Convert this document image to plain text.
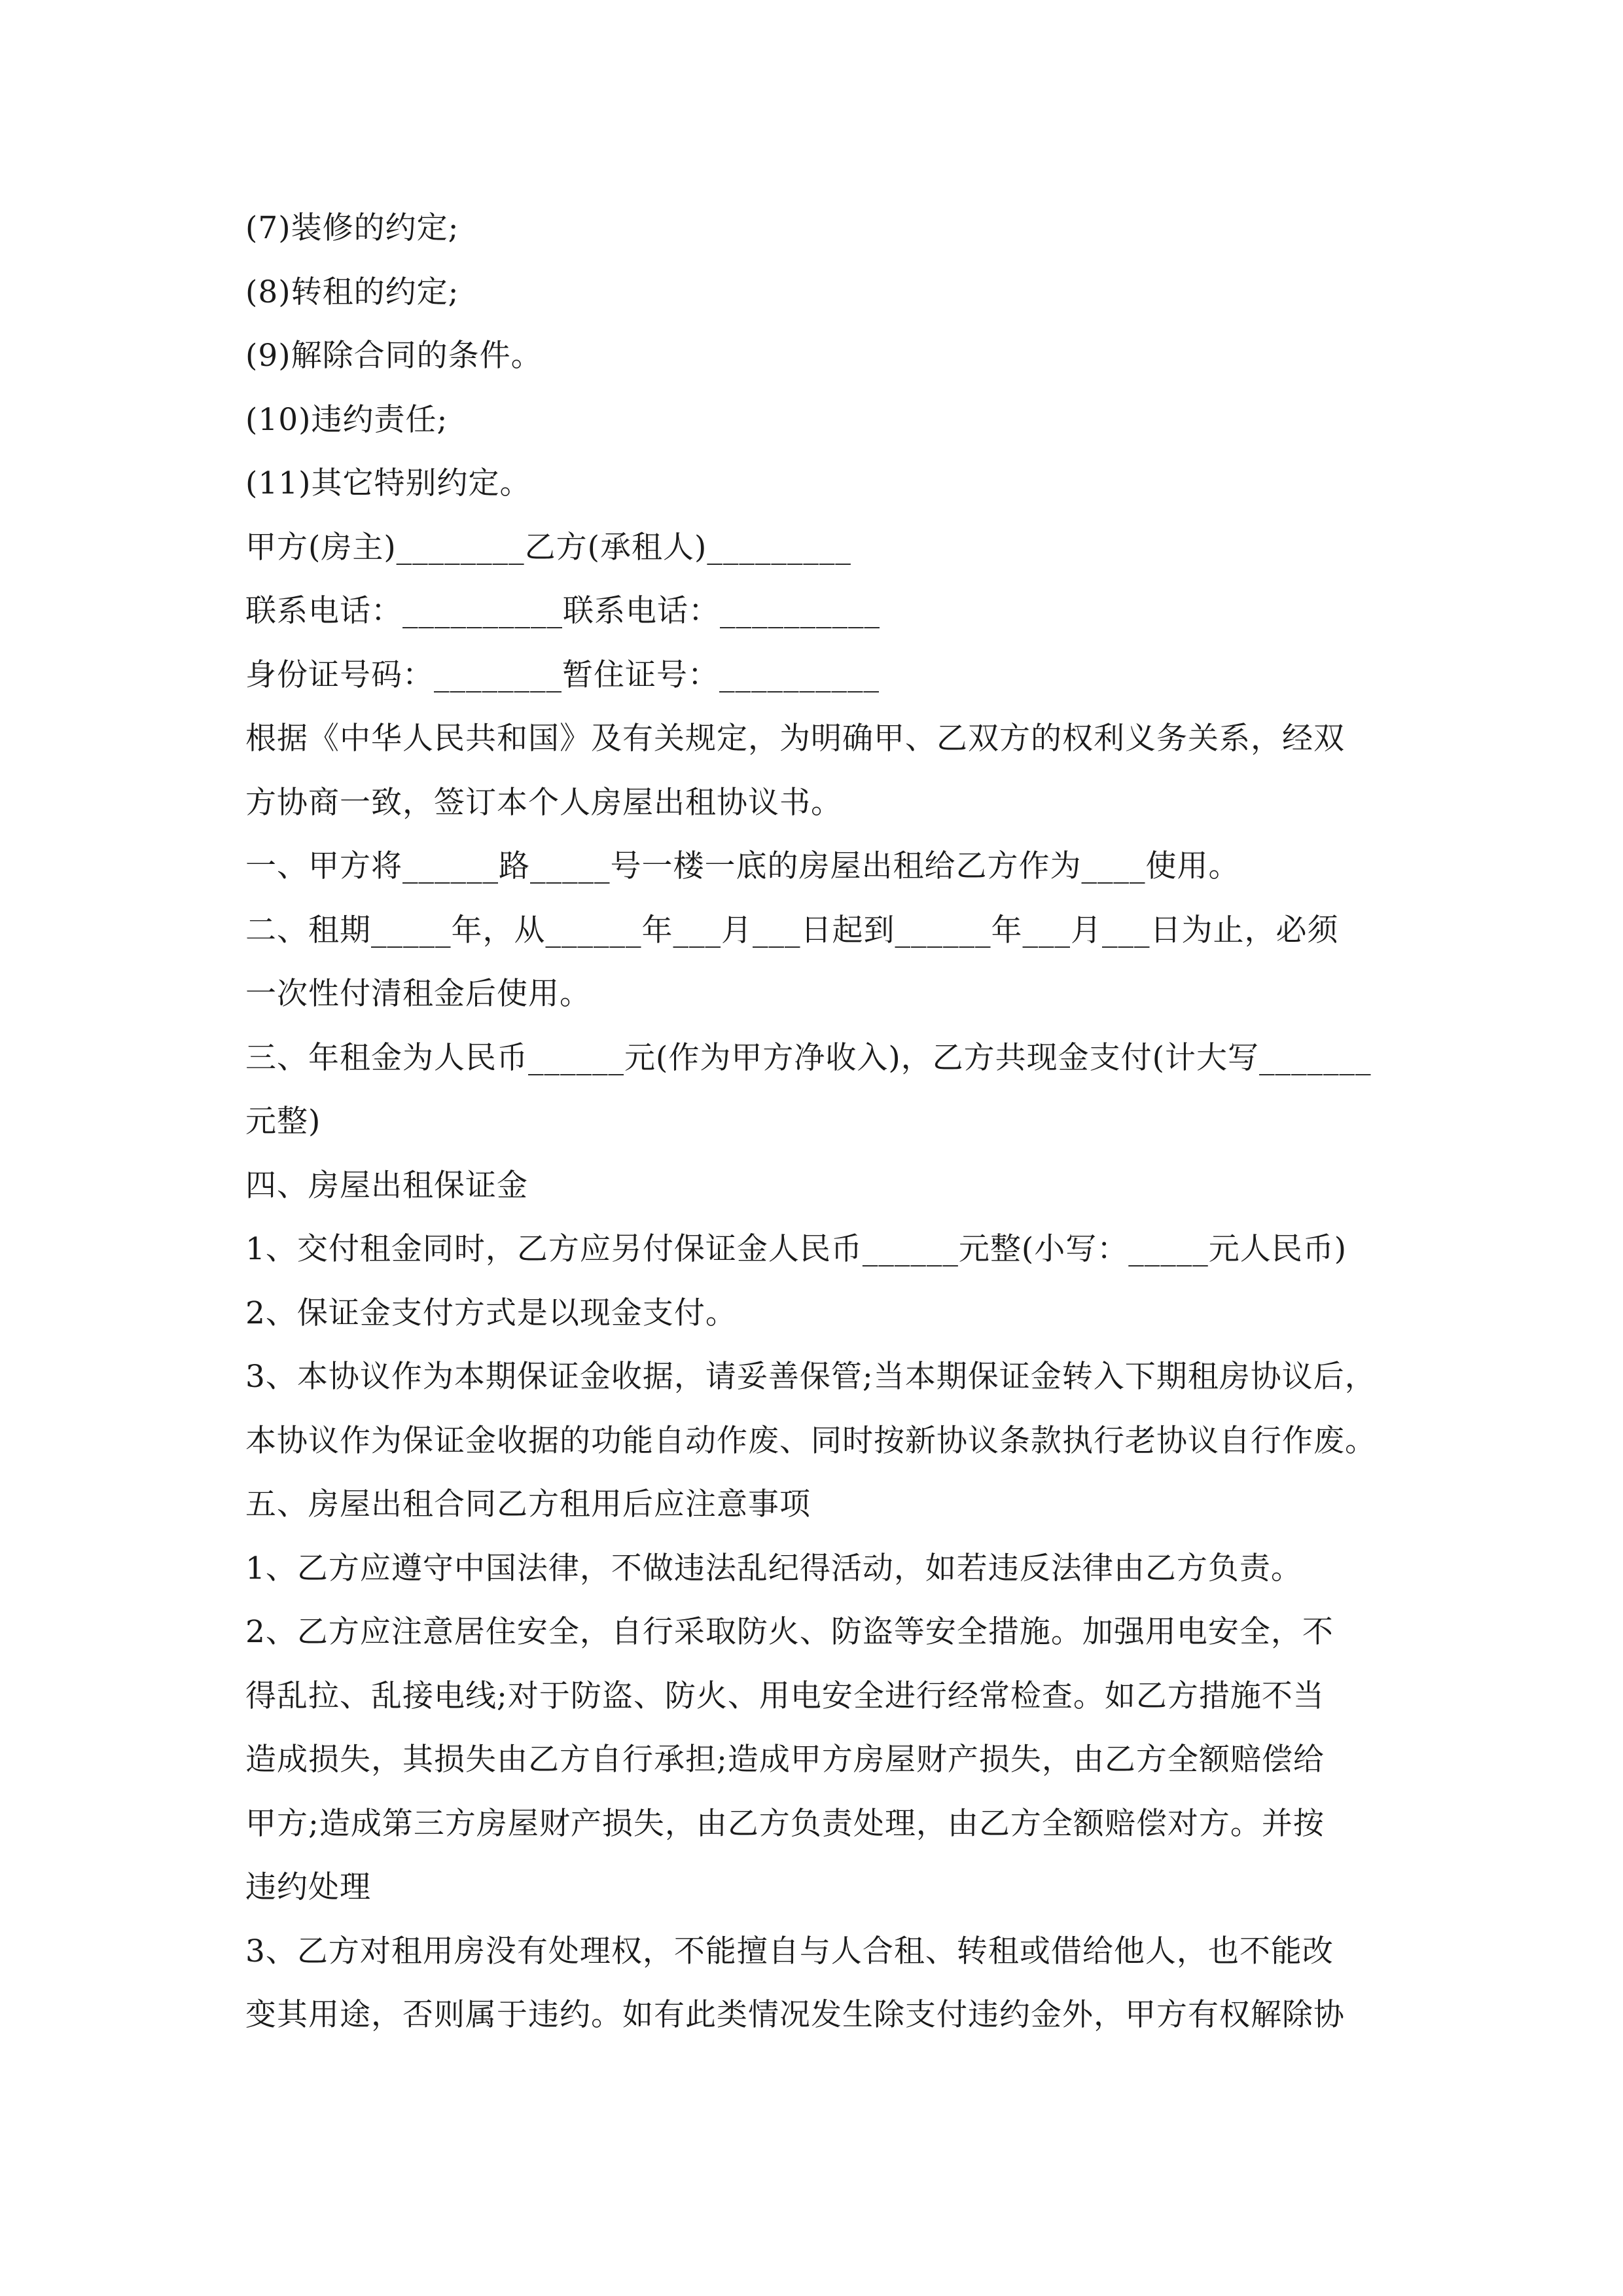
(7)装修的约定;
(8)转租的约定;
(9)解除合同的条件。
(10)违约责任;
(11)其它特别约定。
甲方(房主)________乙方(承租人)_________
联系电话：__________联系电话：__________
身份证号码：________暂住证号：__________
根据《中华人民共和国》及有关规定，为明确甲、乙双方的权利义务关系，经双
方协商一致，签订本个人房屋出租协议书。
一、甲方将______路_____号一楼一底的房屋出租给乙方作为____使用。
二、租期_____年，从______年___月___日起到______年___月___日为止，必须
一次性付清租金后使用。
三、年租金为人民币______元(作为甲方净收入)，乙方共现金支付(计大写_______
元整)
四、房屋出租保证金
1、交付租金同时，乙方应另付保证金人民币______元整(小写：_____元人民币)
2、保证金支付方式是以现金支付。
3、本协议作为本期保证金收据，请妥善保管;当本期保证金转入下期租房协议后，
本协议作为保证金收据的功能自动作废、同时按新协议条款执行老协议自行作废。
五、房屋出租合同乙方租用后应注意事项
1、乙方应遵守中国法律，不做违法乱纪得活动，如若违反法律由乙方负责。
2、乙方应注意居住安全，自行采取防火、防盗等安全措施。加强用电安全，不
得乱拉、乱接电线;对于防盗、防火、用电安全进行经常检查。如乙方措施不当
造成损失，其损失由乙方自行承担;造成甲方房屋财产损失，由乙方全额赔偿给
甲方;造成第三方房屋财产损失，由乙方负责处理，由乙方全额赔偿对方。并按
违约处理
3、乙方对租用房没有处理权，不能擅自与人合租、转租或借给他人，也不能改
变其用途，否则属于违约。如有此类情况发生除支付违约金外，甲方有权解除协
